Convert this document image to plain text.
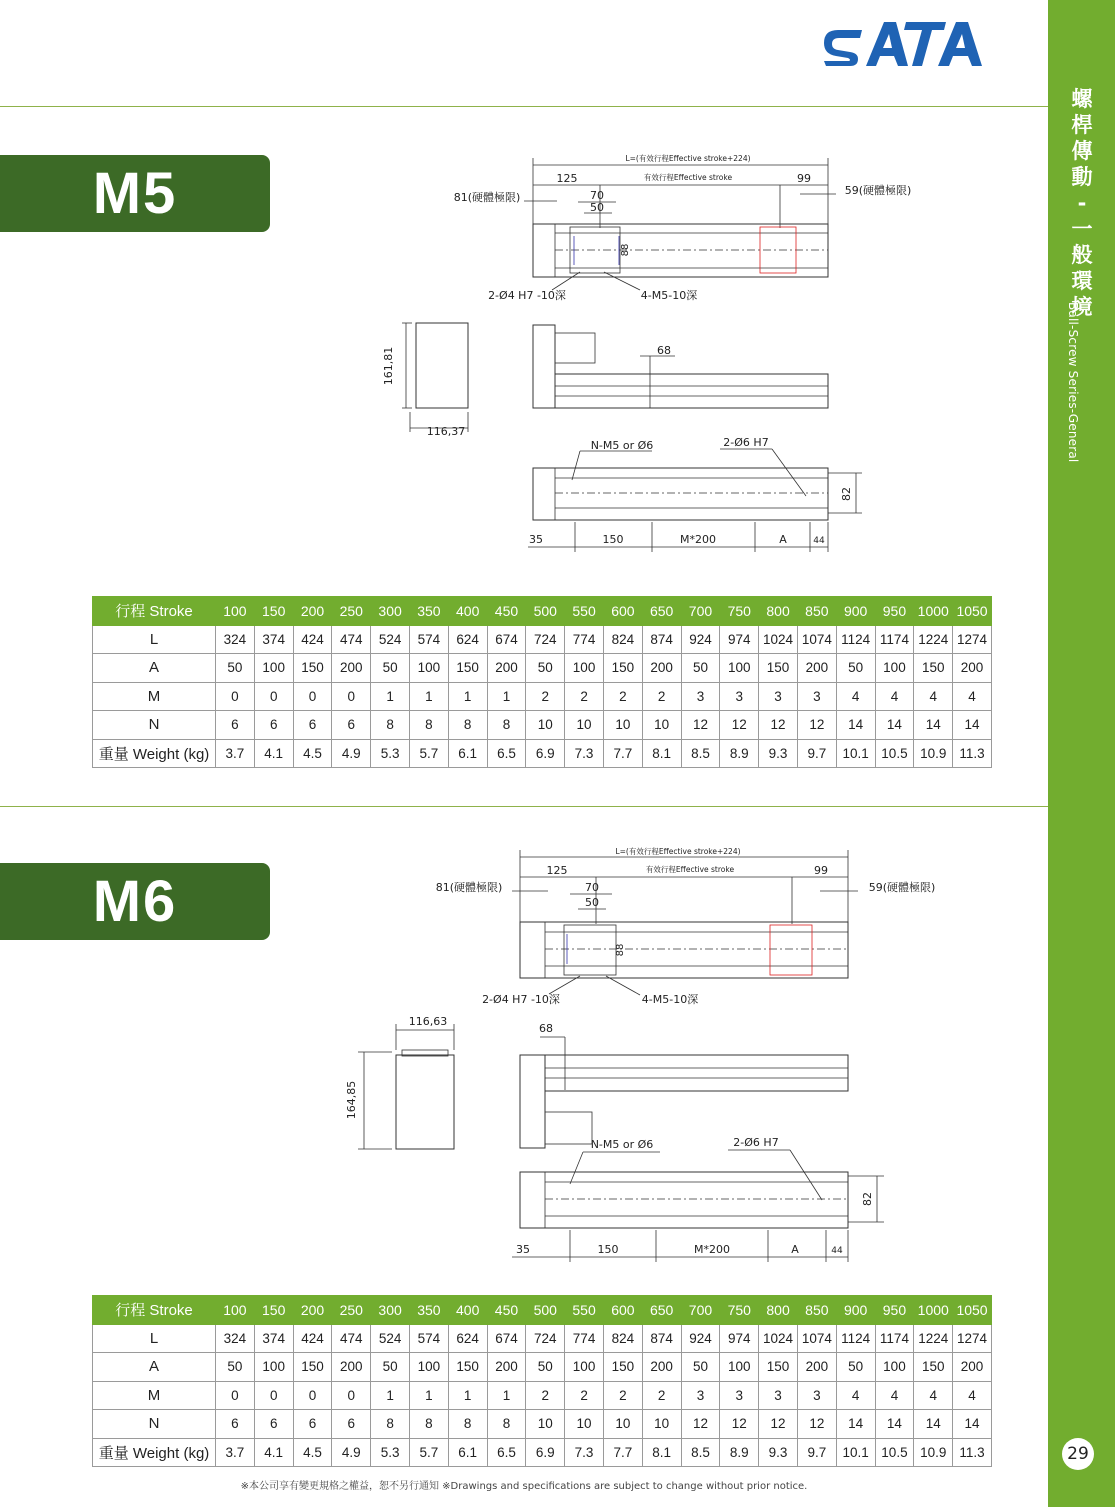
螺
桿
傳
動
-
一
般
環
境
Ball-Screw Series-General
29
M5
L=(有效行程Effective stroke+224)
有效行程Effective stroke
125	99
70
50
81(硬體極限)
59(硬體極限)
88
2-Ø4 H7 -10深	4-M5-10深
161,81
116,37
68
N-M5 or Ø6	2-Ø6 H7
82
35	150	M*200	A	44
行程 Stroke	100	150	200	250	300	350	400	450	500	550	600	650	700	750	800	850	900	950	1000	1050
L	324	374	424	474	524	574	624	674	724	774	824	874	924	974	1024	1074	1124	1174	1224	1274
A	50	100	150	200	50	100	150	200	50	100	150	200	50	100	150	200	50	100	150	200
M	0	0	0	0	1	1	1	1	2	2	2	2	3	3	3	3	4	4	4	4
N	6	6	6	6	8	8	8	8	10	10	10	10	12	12	12	12	14	14	14	14
重量 Weight (kg)	3.7	4.1	4.5	4.9	5.3	5.7	6.1	6.5	6.9	7.3	7.7	8.1	8.5	8.9	9.3	9.7	10.1	10.5	10.9	11.3
M6
L=(有效行程Effective stroke+224)
有效行程Effective stroke
125	99
70
50
81(硬體極限)	59(硬體極限)
88
2-Ø4 H7 -10深	4-M5-10深
116,63
164,85
68
N-M5 or Ø6	2-Ø6 H7
82
35	150	M*200	A	44
行程 Stroke	100	150	200	250	300	350	400	450	500	550	600	650	700	750	800	850	900	950	1000	1050
L	324	374	424	474	524	574	624	674	724	774	824	874	924	974	1024	1074	1124	1174	1224	1274
A	50	100	150	200	50	100	150	200	50	100	150	200	50	100	150	200	50	100	150	200
M	0	0	0	0	1	1	1	1	2	2	2	2	3	3	3	3	4	4	4	4
N	6	6	6	6	8	8	8	8	10	10	10	10	12	12	12	12	14	14	14	14
重量 Weight (kg)	3.7	4.1	4.5	4.9	5.3	5.7	6.1	6.5	6.9	7.3	7.7	8.1	8.5	8.9	9.3	9.7	10.1	10.5	10.9	11.3
※本公司享有變更規格之權益，恕不另行通知 ※Drawings and specifications are subject to change without prior notice.
